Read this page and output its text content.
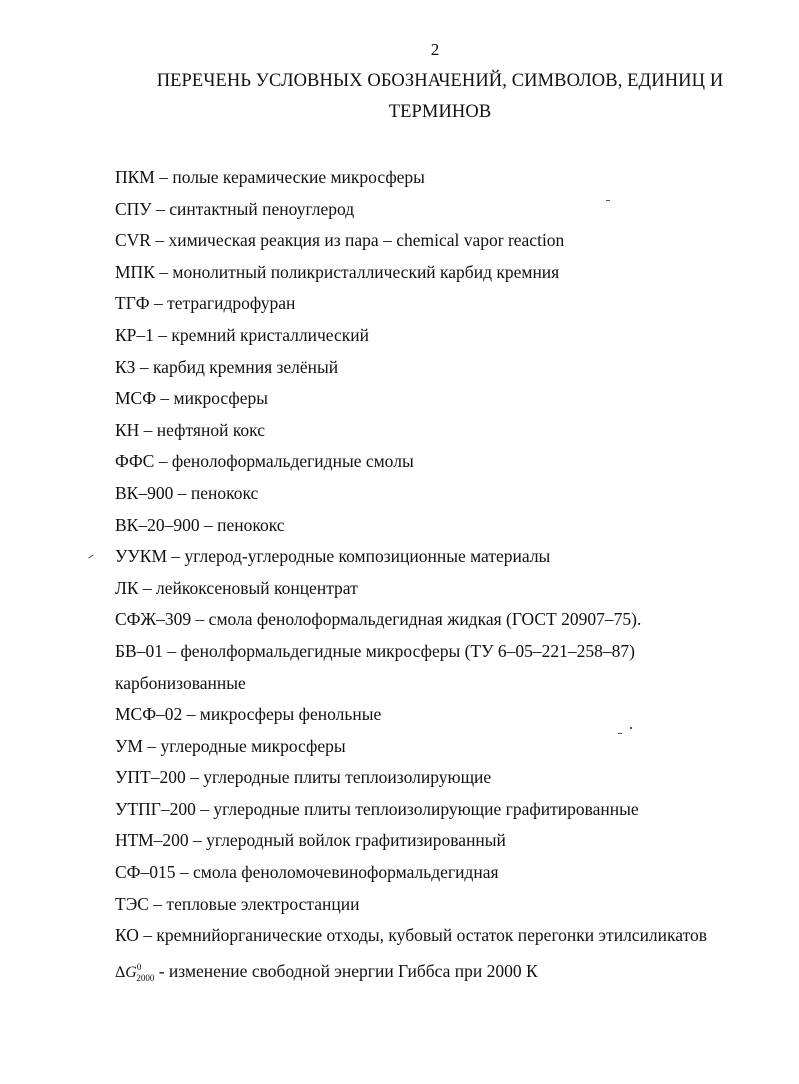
2
ПЕРЕЧЕНЬ УСЛОВНЫХ ОБОЗНАЧЕНИЙ, СИМВОЛОВ, ЕДИНИЦ И
ТЕРМИНОВ
ПКМ – полые керамические микросферы
СПУ – синтактный пеноуглерод
CVR – химическая реакция из пара – chemical vapor reaction
МПК – монолитный поликристаллический карбид кремния
ТГФ – тетрагидрофуран
КР–1 – кремний кристаллический
КЗ – карбид кремния зелёный
МСФ – микросферы
КН – нефтяной кокс
ФФС – фенолоформальдегидные смолы
ВК–900 – пенококс
ВК–20–900 – пенококс
УУКМ – углерод-углеродные композиционные материалы
ЛК – лейкоксеновый концентрат
СФЖ–309 – смола фенолоформальдегидная жидкая (ГОСТ 20907–75).
БВ–01 – фенолформальдегидные микросферы (ТУ 6–05–221–258–87)
карбонизованные
МСФ–02 – микросферы фенольные
УМ – углеродные микросферы
УПТ–200 – углеродные плиты теплоизолирующие
УТПГ–200 – углеродные плиты теплоизолирующие графитированные
НТМ–200 – углеродный войлок графитизированный
СФ–015 – смола феноломочевиноформальдегидная
ТЭС – тепловые электростанции
КО – кремнийорганические отходы, кубовый остаток перегонки этилсиликатов
$\Delta G^0_{2000}$ - изменение свободной энергии Гиббса при 2000 К
